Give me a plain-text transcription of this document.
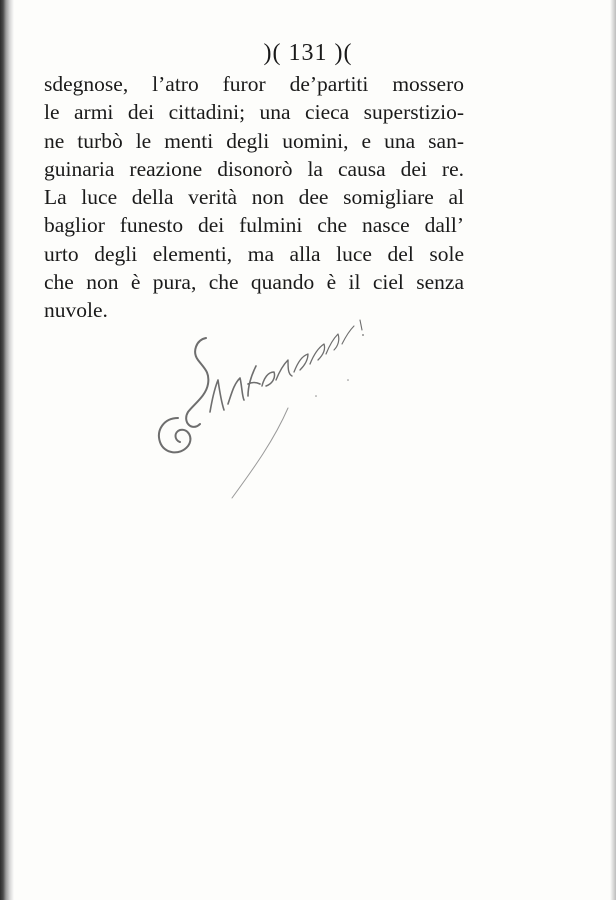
)( 131 )(
sdegnose, l’atro furor de’partiti mossero
le armi dei cittadini; una cieca superstizio-
ne turbò le menti degli uomini, e una san-
guinaria reazione disonorò la causa dei re.
La luce della verità non dee somigliare al
baglior funesto dei fulmini che nasce dall’
urto degli elementi, ma alla luce del sole
che non è pura, che quando è il ciel senza
nuvole.
